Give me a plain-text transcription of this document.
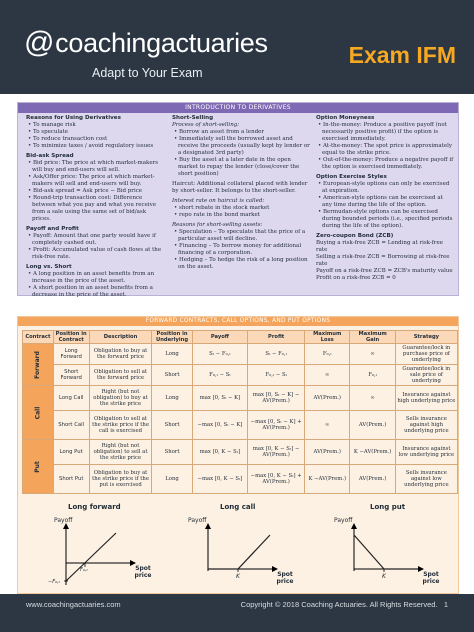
@coachingactuaries
Adapt to Your Exam
Exam IFM
INTRODUCTION TO DERIVATIVES
Reasons for Using Derivatives
• To manage risk
• To speculate
• To reduce transaction cost
• To minimize taxes / avoid regulatory issues
Bid-ask Spread
• Bid price: The price at which market-makers will buy and end-users will sell.
• Ask/Offer price: The price at which market-makers will sell and end-users will buy.
• Bid-ask spread = Ask price − Bid price
• Round-trip transaction cost: Difference between what you pay and what you receive from a sale using the same set of bid/ask prices.
Payoff and Profit
• Payoff: Amount that one party would have if completely cashed out.
• Profit: Accumulated value of cash flows at the risk-free rate.
Long vs. Short
• A long position in an asset benefits from an increase in the price of the asset.
• A short position in an asset benefits from a decrease in the price of the asset.
Short-Selling
Process of short-selling:
• Borrow an asset from a lender
• Immediately sell the borrowed asset and receive the proceeds (usually kept by lender or a designated 3rd party)
• Buy the asset at a later date in the open market to repay the lender (close/cover the short position)
Haircut: Additional collateral placed with lender by short-seller. It belongs to the short-seller.
Interest rate on haircut is called:
• short rebate in the stock market
• repo rate in the bond market
Reasons for short-selling assets:
• Speculation – To speculate that the price of a particular asset will decline.
• Financing – To borrow money for additional financing of a corporation.
• Hedging – To hedge the risk of a long position on the asset.
Option Moneyness
• In-the-money: Produce a positive payoff (not necessarily positive profit) if the option is exercised immediately.
• At-the-money: The spot price is approximately equal to the strike price.
• Out-of-the-money: Produce a negative payoff if the option is exercised immediately.
Option Exercise Styles
• European-style options can only be exercised at expiration.
• American-style options can be exercised at any time during the life of the option.
• Bermudan-style options can be exercised during bounded periods (i.e., specified periods during the life of the option).
Zero-coupon Bond (ZCB)
Buying a risk-free ZCB = Lending at risk-free rate
Selling a risk-free ZCB = Borrowing at risk-free rate
Payoff on a risk-free ZCB = ZCB's maturity value
Profit on a risk-free ZCB = 0
FORWARD CONTRACTS, CALL OPTIONS, AND PUT OPTIONS
Contract	Position in Contract	Description	Position in Underlying	Payoff	Profit	Maximum Loss	Maximum Gain	Strategy
Forward	Long Forward	Obligation to buy at the forward price	Long	Sₜ − F₀,ₜ	Sₜ − F₀,ₜ	F₀,ₜ	∞	Guarantee/lock in purchase price of underlying
	Short Forward	Obligation to sell at the forward price	Short	F₀,ₜ − Sₜ	F₀,ₜ − Sₜ	∞	F₀,ₜ	Guarantee/lock in sale price of underlying
Call	Long Call	Right (but not obligation) to buy at the strike price	Long	max [0, Sₜ − K]	max [0, Sₜ − K] − AV(Prem.)	AV(Prem.)	∞	Insurance against high underlying price
	Short Call	Obligation to sell at the strike price if the call is exercised	Short	−max [0, Sₜ − K]	−max [0, Sₜ − K] + AV(Prem.)	∞	AV(Prem.)	Sells insurance against high underlying price
Put	Long Put	Right (but not obligation) to sell at the strike price	Short	max [0, K − Sₜ]	max [0, K − Sₜ] − AV(Prem.)	AV(Prem.)	K −AV(Prem.)	Insurance against low underlying price
	Short Put	Obligation to buy at the strike price if the put is exercised	Long	−max [0, K − Sₜ]	−max [0, K − Sₜ] + AV(Prem.)	K −AV(Prem.)	AV(Prem.)	Sells insurance against low underlying price
Long forward
Payoff
Spot price
F₀,ₜ
−F₀,ₜ
Long call
Payoff
Spot price
K
Long put
Payoff
Spot price
K
www.coachingactuaries.com	Copyright © 2018 Coaching Actuaries. All Rights Reserved. 1
